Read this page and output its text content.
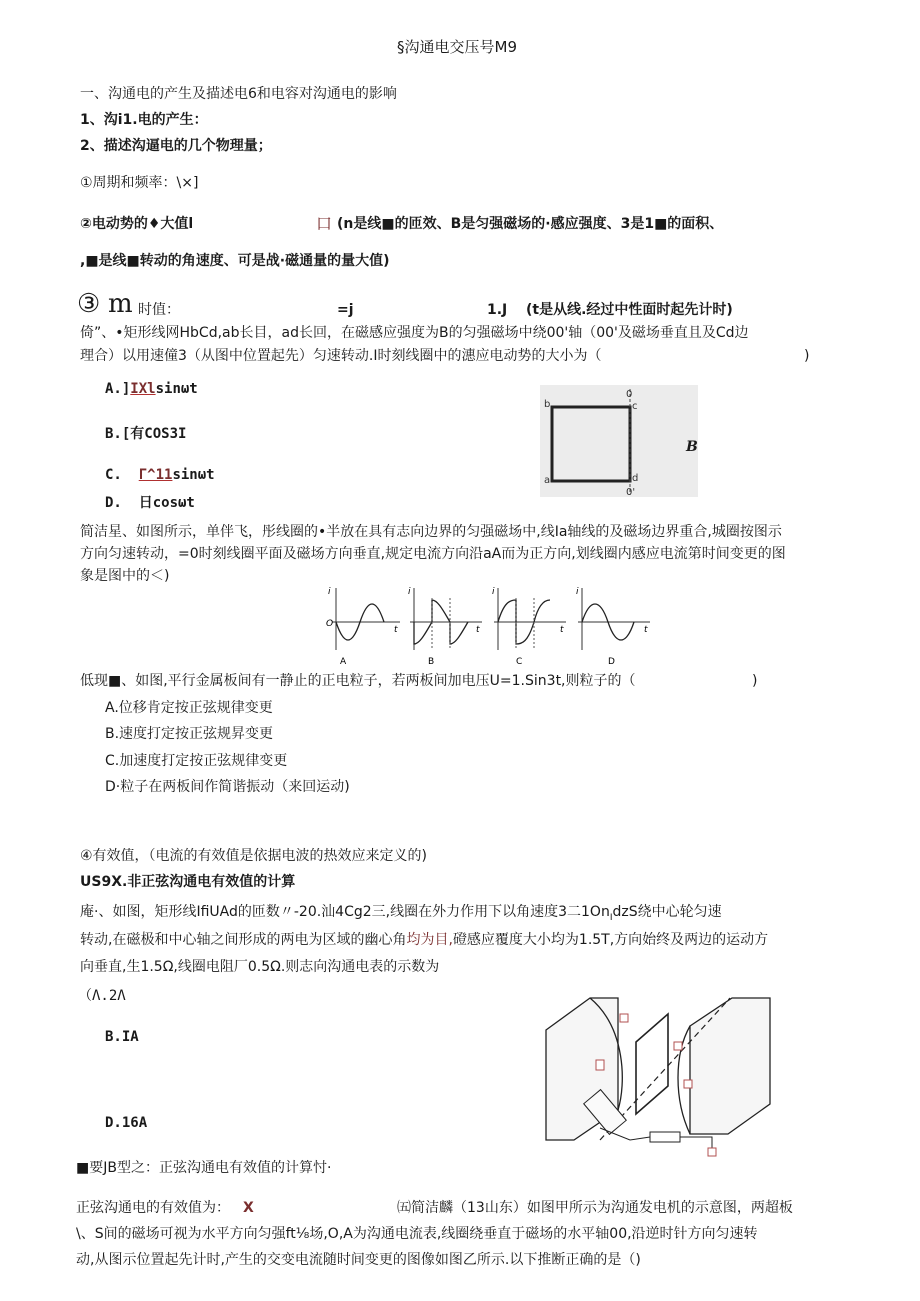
§沟通电交压号M9
一、沟通电的产生及描述电6和电容对沟通电的影响
1、沟i1.电的产生：
2、描述沟逼电的几个物理量；
①周期和频率：\×]
②电动势的♦大值l	口 (n是线■的匝效、B是匀强磁场的·感应强度、3是1■的面积、
,■是线■转动的角速度、可是战·磁通量的量大值)
③ m 时值：	=j	1.J (t是从线.经过中性面时起先计时)
倚”、•矩形线网HbCd,ab长目，ad长回，在磁感应强度为B的匀强磁场中绕00'轴（00'及磁场垂直且及Cd边
理合）以用速僮3（从图中位置起先）匀速转动.I时刻线圈中的潓应电动势的大小为（	)
A.]IXlsinωt
B.[有COS3I
C. Γ^11sinωt
D. 日cosωt
b	c
a	d
0
0'
B
简洁星、如图所示，单伴飞，彤线圈的•半放在具有志向边界的匀强磁场中,线Ia轴线的及磁场边界重合,城圈按图示
方向匀速转动，=0时刻线圈平面及磁场方向垂直,规定电流方向沿aA而为正方向,划线圈内感应电流第时间变更的图
象是图中的＜)
i
O
t
A
i
t
B
i
t
C
i
t
D
低现■、如图,平行金属板间有一静止的正电粒子，若两板间加电压U=1.Sin3t,则粒子的（	)
A.位移肯定按正弦规律变更
B.速度打定按正弦规昇变更
C.加速度打定按正弦规律变更
D·粒子在两板间作简谐振动（来回运动)
④有效值，（电流的有效值是依据电波的热效应来定义的)
US9X.非正弦沟通电有效值的计算
庵·、如图，矩形线IfiUAd的匝数〃-20.汕4Cg2三,线圈在外力作用下以角速度3二$1On_IdzS$绕中心轮匀速
转动,在磁极和中心轴之间形成的两电为区域的幽心角均为目,磴感应覆度大小均为1.5T,方向始终及两边的运动方
向垂直,生1.5Ω,线圈电阻厂0.5Ω.则志向沟通电表的示数为
（Λ.2Λ
B.IA
D.16A
■要JB型之：正弦沟通电有效值的计算忖·
正弦沟通电的有效值为： X	㈤简洁麟（13山东）如图甲所示为沟通发电机的示意图，两超板
\、S间的磁场可视为水平方向匀强ft⅛场,O,A为沟通电流表,线圈绕垂直于磁场的水平轴00,沿逆时针方向匀速转
动,从图示位置起先计时,产生的交变电流随时间变更的图像如图乙所示.以下推断正确的是（)
